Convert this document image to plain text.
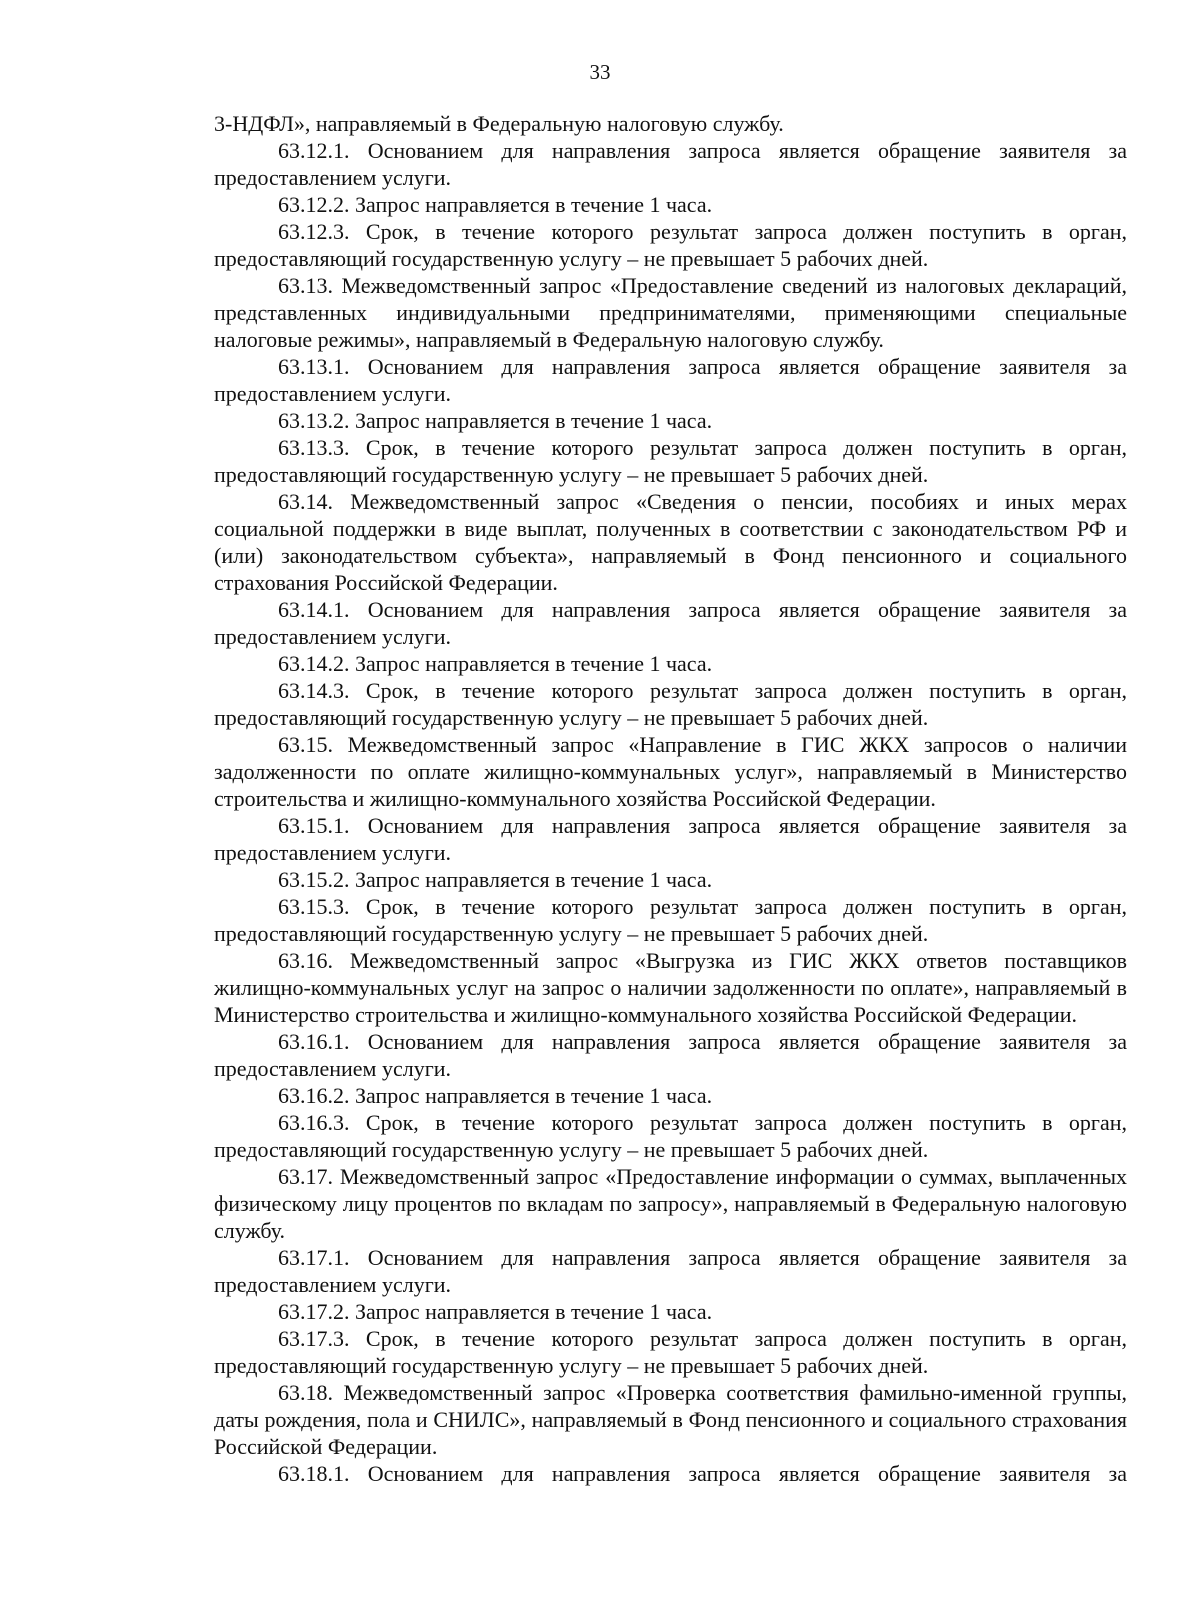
33

3-НДФЛ», направляемый в Федеральную налоговую службу.

63.12.1. Основанием для направления запроса является обращение заявителя за предоставлением услуги.

63.12.2. Запрос направляется в течение 1 часа.

63.12.3. Срок, в течение которого результат запроса должен поступить в орган, предоставляющий государственную услугу – не превышает 5 рабочих дней.

63.13. Межведомственный запрос «Предоставление сведений из налоговых деклараций, представленных индивидуальными предпринимателями, применяющими специальные налоговые режимы», направляемый в Федеральную налоговую службу.

63.13.1. Основанием для направления запроса является обращение заявителя за предоставлением услуги.

63.13.2. Запрос направляется в течение 1 часа.

63.13.3. Срок, в течение которого результат запроса должен поступить в орган, предоставляющий государственную услугу – не превышает 5 рабочих дней.

63.14. Межведомственный запрос «Сведения о пенсии, пособиях и иных мерах социальной поддержки в виде выплат, полученных в соответствии с законодательством РФ и (или) законодательством субъекта», направляемый в Фонд пенсионного и социального страхования Российской Федерации.

63.14.1. Основанием для направления запроса является обращение заявителя за предоставлением услуги.

63.14.2. Запрос направляется в течение 1 часа.

63.14.3. Срок, в течение которого результат запроса должен поступить в орган, предоставляющий государственную услугу – не превышает 5 рабочих дней.

63.15. Межведомственный запрос «Направление в ГИС ЖКХ запросов о наличии задолженности по оплате жилищно-коммунальных услуг», направляемый в Министерство строительства и жилищно-коммунального хозяйства Российской Федерации.

63.15.1. Основанием для направления запроса является обращение заявителя за предоставлением услуги.

63.15.2. Запрос направляется в течение 1 часа.

63.15.3. Срок, в течение которого результат запроса должен поступить в орган, предоставляющий государственную услугу – не превышает 5 рабочих дней.

63.16. Межведомственный запрос «Выгрузка из ГИС ЖКХ ответов поставщиков жилищно-коммунальных услуг на запрос о наличии задолженности по оплате», направляемый в Министерство строительства и жилищно-коммунального хозяйства Российской Федерации.

63.16.1. Основанием для направления запроса является обращение заявителя за предоставлением услуги.

63.16.2. Запрос направляется в течение 1 часа.

63.16.3. Срок, в течение которого результат запроса должен поступить в орган, предоставляющий государственную услугу – не превышает 5 рабочих дней.

63.17. Межведомственный запрос «Предоставление информации о суммах, выплаченных физическому лицу процентов по вкладам по запросу», направляемый в Федеральную налоговую службу.

63.17.1. Основанием для направления запроса является обращение заявителя за предоставлением услуги.

63.17.2. Запрос направляется в течение 1 часа.

63.17.3. Срок, в течение которого результат запроса должен поступить в орган, предоставляющий государственную услугу – не превышает 5 рабочих дней.

63.18. Межведомственный запрос «Проверка соответствия фамильно-именной группы, даты рождения, пола и СНИЛС», направляемый в Фонд пенсионного и социального страхования Российской Федерации.

63.18.1. Основанием для направления запроса является обращение заявителя за
